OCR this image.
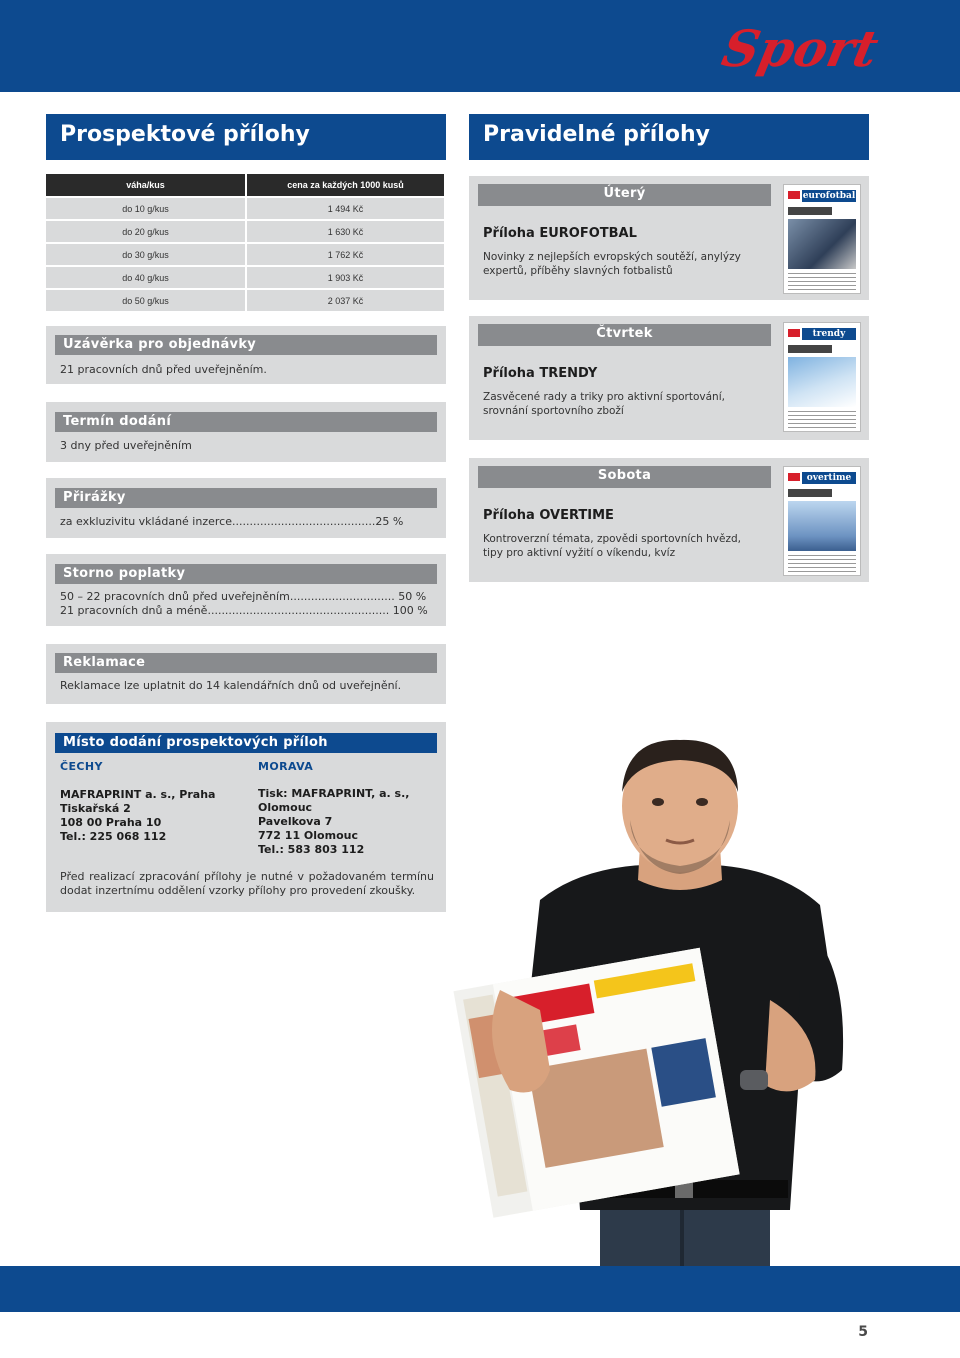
Sport
Prospektové přílohy	Pravidelné přílohy
váha/kus	cena za každých 1000 kusů
do 10 g/kus	1 494 Kč
do 20 g/kus	1 630 Kč
do 30 g/kus	1 762 Kč
do 40 g/kus	1 903 Kč
do 50 g/kus	2 037 Kč
Uzávěrka pro objednávky
21 pracovních dnů před uveřejněním.
Termín dodání
3 dny před uveřejněním
Přirážky
za exkluzivitu vkládané inzerce.........................................25 %
Storno poplatky
50 – 22 pracovních dnů před uveřejněním.............................. 50 %
21 pracovních dnů a méně.................................................... 100 %
Reklamace
Reklamace lze uplatnit do 14 kalendářních dnů od uveřejnění.
Místo dodání prospektových příloh
ČECHY	MORAVA
MAFRAPRINT a. s., Praha
Tiskařská 2
108 00 Praha 10
Tel.: 225 068 112
Tisk: MAFRAPRINT, a. s., Olomouc
Pavelkova 7
772 11 Olomouc
Tel.: 583 803 112
Před realizací zpracování přílohy je nutné v požadovaném termínu dodat inzertnímu oddělení vzorky přílohy pro provedení zkoušky.
Úterý
Příloha EUROFOTBAL
Novinky z nejlepších evropských soutěží, anylýzy expertů, příběhy slavných fotbalistů
eurofotbal
Čtvrtek
Příloha TRENDY
Zasvěcené rady a triky pro aktivní sportování, srovnání sportovního zboží
trendy
Sobota
Příloha OVERTIME
Kontroverzní témata, zpovědi sportovních hvězd, tipy pro aktivní vyžití o víkendu, kvíz
overtime
5
